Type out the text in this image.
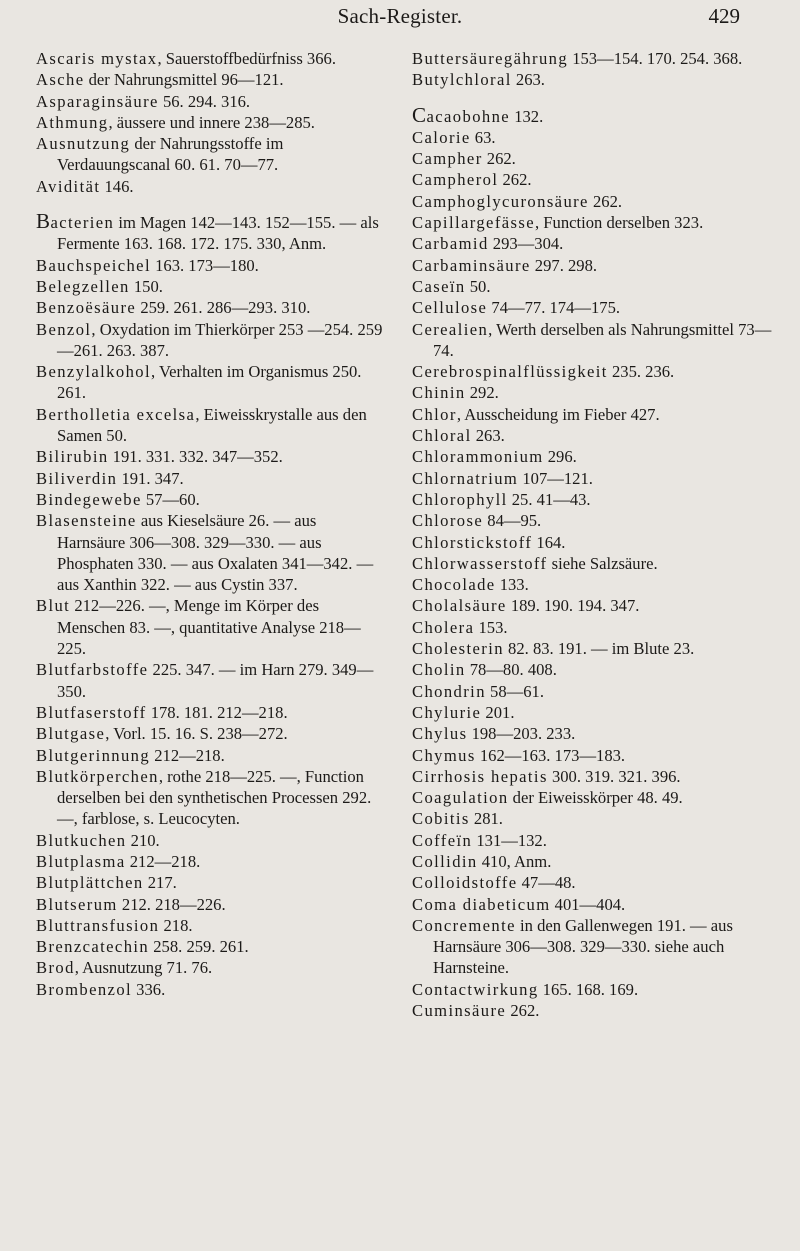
Sach-Register.	429

Ascaris mystax, Sauerstoffbedürfniss 366.

Asche der Nahrungsmittel 96—121.

Asparaginsäure 56. 294. 316.

Athmung, äussere und innere 238—285.

Ausnutzung der Nahrungsstoffe im Verdauungscanal 60. 61. 70—77.

Avidität 146.

Bacterien im Magen 142—143. 152—155. — als Fermente 163. 168. 172. 175. 330, Anm.

Bauchspeichel 163. 173—180.

Belegzellen 150.

Benzoësäure 259. 261. 286—293. 310.

Benzol, Oxydation im Thierkörper 253 —254. 259—261. 263. 387.

Benzylalkohol, Verhalten im Organismus 250. 261.

Bertholletia excelsa, Eiweisskrystalle aus den Samen 50.

Bilirubin 191. 331. 332. 347—352.

Biliverdin 191. 347.

Bindegewebe 57—60.

Blasensteine aus Kieselsäure 26. — aus Harnsäure 306—308. 329—330. — aus Phosphaten 330. — aus Oxalaten 341—342. — aus Xanthin 322. — aus Cystin 337.

Blut 212—226. —, Menge im Körper des Menschen 83. —, quantitative Analyse 218—225.

Blutfarbstoffe 225. 347. — im Harn 279. 349—350.

Blutfaserstoff 178. 181. 212—218.

Blutgase, Vorl. 15. 16. S. 238—272.

Blutgerinnung 212—218.

Blutkörperchen, rothe 218—225. —, Function derselben bei den synthetischen Processen 292. —, farblose, s. Leucocyten.

Blutkuchen 210.

Blutplasma 212—218.

Blutplättchen 217.

Blutserum 212. 218—226.

Bluttransfusion 218.

Brenzcatechin 258. 259. 261.

Brod, Ausnutzung 71. 76.

Brombenzol 336.

Buttersäuregährung 153—154. 170. 254. 368.

Butylchloral 263.

Cacaobohne 132.

Calorie 63.

Campher 262.

Campherol 262.

Camphoglycuronsäure 262.

Capillargefässe, Function derselben 323.

Carbamid 293—304.

Carbaminsäure 297. 298.

Caseïn 50.

Cellulose 74—77. 174—175.

Cerealien, Werth derselben als Nahrungsmittel 73—74.

Cerebrospinalflüssigkeit 235. 236.

Chinin 292.

Chlor, Ausscheidung im Fieber 427.

Chloral 263.

Chlorammonium 296.

Chlornatrium 107—121.

Chlorophyll 25. 41—43.

Chlorose 84—95.

Chlorstickstoff 164.

Chlorwasserstoff siehe Salzsäure.

Chocolade 133.

Cholalsäure 189. 190. 194. 347.

Cholera 153.

Cholesterin 82. 83. 191. — im Blute 23.

Cholin 78—80. 408.

Chondrin 58—61.

Chylurie 201.

Chylus 198—203. 233.

Chymus 162—163. 173—183.

Cirrhosis hepatis 300. 319. 321. 396.

Coagulation der Eiweisskörper 48. 49.

Cobitis 281.

Coffeïn 131—132.

Collidin 410, Anm.

Colloidstoffe 47—48.

Coma diabeticum 401—404.

Concremente in den Gallenwegen 191. — aus Harnsäure 306—308. 329—330. siehe auch Harnsteine.

Contactwirkung 165. 168. 169.

Cuminsäure 262.
